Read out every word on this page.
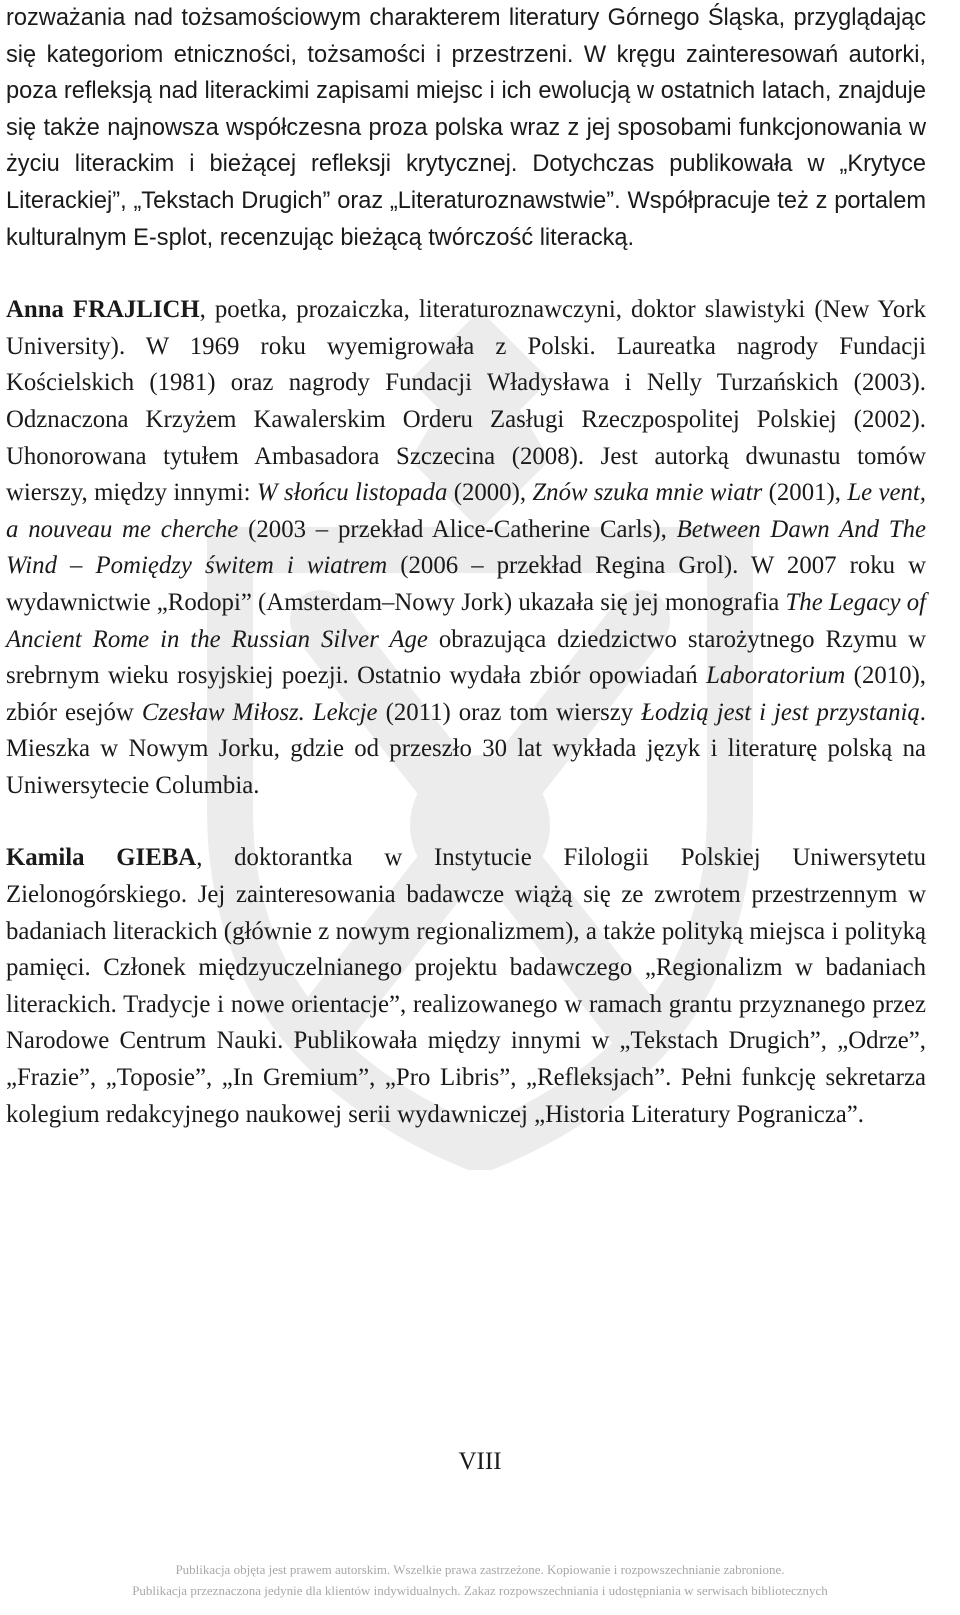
rozważania nad tożsamościowym charakterem literatury Górnego Śląska, przyglądając się kategoriom etniczności, tożsamości i przestrzeni. W kręgu zainteresowań autorki, poza refleksją nad literackimi zapisami miejsc i ich ewolucją w ostatnich latach, znajduje się także najnowsza współczesna proza polska wraz z jej sposobami funkcjonowania w życiu literackim i bieżącej refleksji krytycznej. Dotychczas publikowała w „Krytyce Literackiej”, „Tekstach Drugich” oraz „Literaturoznawstwie”. Współpracuje też z portalem kulturalnym E-splot, recenzując bieżącą twórczość literacką.

Anna FRAJLICH, poetka, prozaiczka, literaturoznawczyni, doktor slawistyki (New York University). W 1969 roku wyemigrowała z Polski. Laureatka nagrody Fundacji Kościelskich (1981) oraz nagrody Fundacji Władysława i Nelly Turzańskich (2003). Odznaczona Krzyżem Kawalerskim Orderu Zasługi Rzeczpospolitej Polskiej (2002). Uhonorowana tytułem Ambasadora Szczecina (2008). Jest autorką dwunastu tomów wierszy, między innymi: W słońcu listopada (2000), Znów szuka mnie wiatr (2001), Le vent, a nouveau me cherche (2003 – przekład Alice-Catherine Carls), Between Dawn And The Wind – Pomiędzy świtem i wiatrem (2006 – przekład Regina Grol). W 2007 roku w wydawnictwie „Rodopi” (Amsterdam–Nowy Jork) ukazała się jej monografia The Legacy of Ancient Rome in the Russian Silver Age obrazująca dziedzictwo starożytnego Rzymu w srebrnym wieku rosyjskiej poezji. Ostatnio wydała zbiór opowiadań Laboratorium (2010), zbiór esejów Czesław Miłosz. Lekcje (2011) oraz tom wierszy Łodzią jest i jest przystanią. Mieszka w Nowym Jorku, gdzie od przeszło 30 lat wykłada język i literaturę polską na Uniwersytecie Columbia.

Kamila GIEBA, doktorantka w Instytucie Filologii Polskiej Uniwersytetu Zielonogórskiego. Jej zainteresowania badawcze wiążą się ze zwrotem przestrzennym w badaniach literackich (głównie z nowym regionalizmem), a także polityką miejsca i polityką pamięci. Członek międzyuczelnianego projektu badawczego „Regionalizm w badaniach literackich. Tradycje i nowe orientacje”, realizowanego w ramach grantu przyznanego przez Narodowe Centrum Nauki. Publikowała między innymi w „Tekstach Drugich”, „Odrze”, „Frazie”, „Toposie”, „In Gremium”, „Pro Libris”, „Refleksjach”. Pełni funkcję sekretarza kolegium redakcyjnego naukowej serii wydawniczej „Historia Literatury Pogranicza”.

VIII
Publikacja objęta jest prawem autorskim. Wszelkie prawa zastrzeżone. Kopiowanie i rozpowszechnianie zabronione.
Publikacja przeznaczona jedynie dla klientów indywidualnych. Zakaz rozpowszechniania i udostępniania w serwisach bibliotecznych
